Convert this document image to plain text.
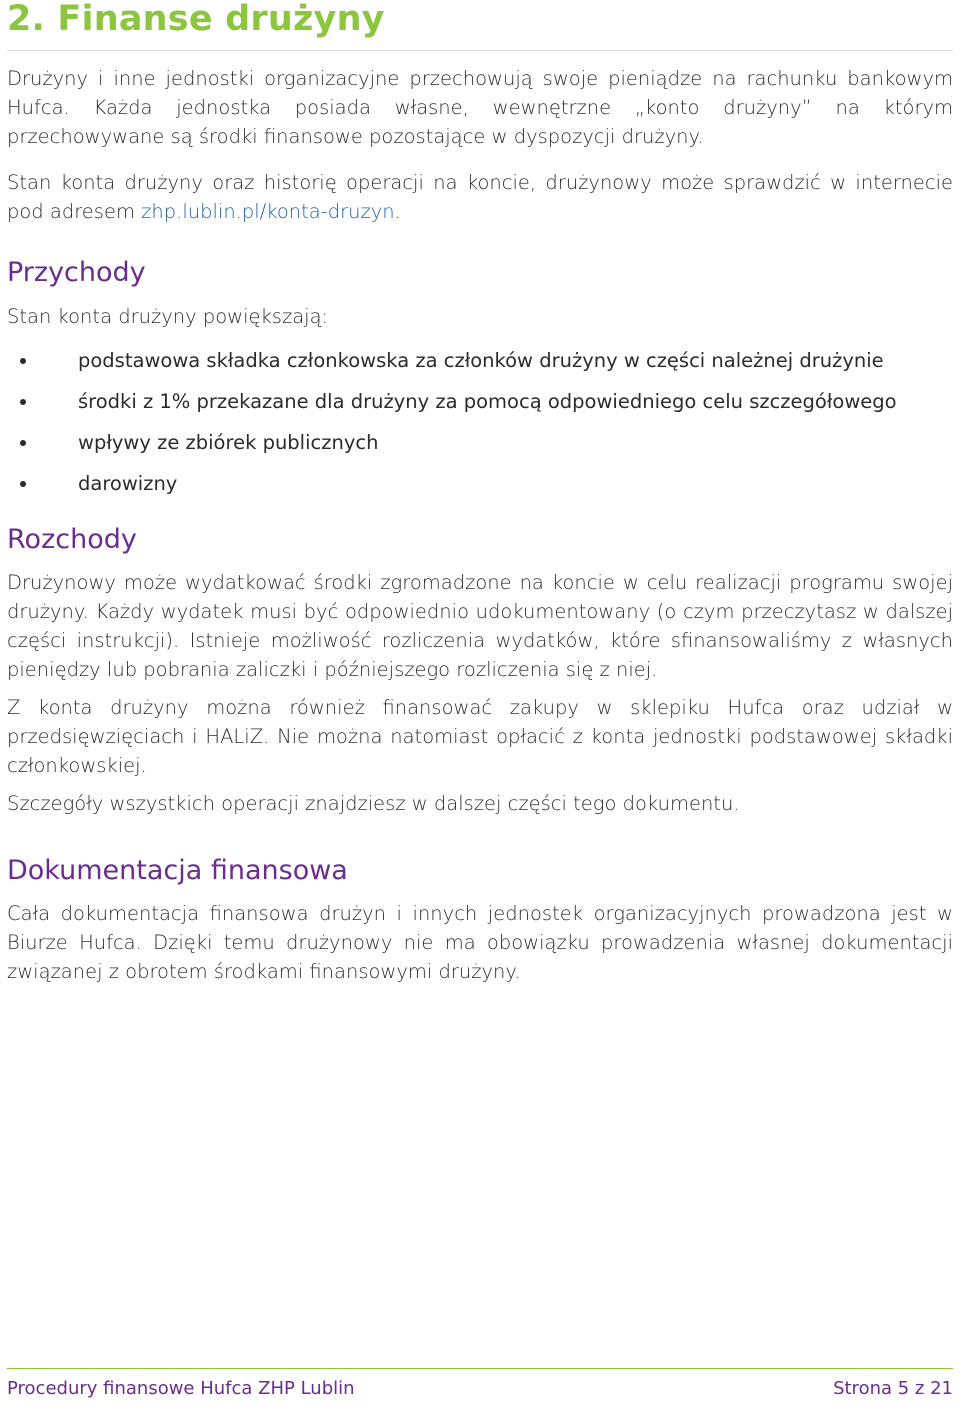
2. Finanse drużyny

Drużyny i inne jednostki organizacyjne przechowują swoje pieniądze na rachunku bankowym Hufca. Każda jednostka posiada własne, wewnętrzne „konto drużyny” na którym przechowywane są środki finansowe pozostające w dyspozycji drużyny.

Stan konta drużyny oraz historię operacji na koncie, drużynowy może sprawdzić w internecie pod adresem zhp.lublin.pl/konta-druzyn.

Przychody

Stan konta drużyny powiększają:

podstawowa składka członkowska za członków drużyny w części należnej drużynie
środki z 1% przekazane dla drużyny za pomocą odpowiedniego celu szczegółowego
wpływy ze zbiórek publicznych
darowizny
Rozchody

Drużynowy może wydatkować środki zgromadzone na koncie w celu realizacji programu swojej drużyny. Każdy wydatek musi być odpowiednio udokumentowany (o czym przeczytasz w dalszej części instrukcji). Istnieje możliwość rozliczenia wydatków, które sfinansowaliśmy z własnych pieniędzy lub pobrania zaliczki i późniejszego rozliczenia się z niej.

Z konta drużyny można również finansować zakupy w sklepiku Hufca oraz udział w przedsięwzięciach i HALiZ. Nie można natomiast opłacić z konta jednostki podstawowej składki członkowskiej.

Szczegóły wszystkich operacji znajdziesz w dalszej części tego dokumentu.

Dokumentacja finansowa

Cała dokumentacja finansowa drużyn i innych jednostek organizacyjnych prowadzona jest w Biurze Hufca. Dzięki temu drużynowy nie ma obowiązku prowadzenia własnej dokumentacji związanej z obrotem środkami finansowymi drużyny.

Procedury finansowe Hufca ZHP Lublin	Strona 5 z 21
